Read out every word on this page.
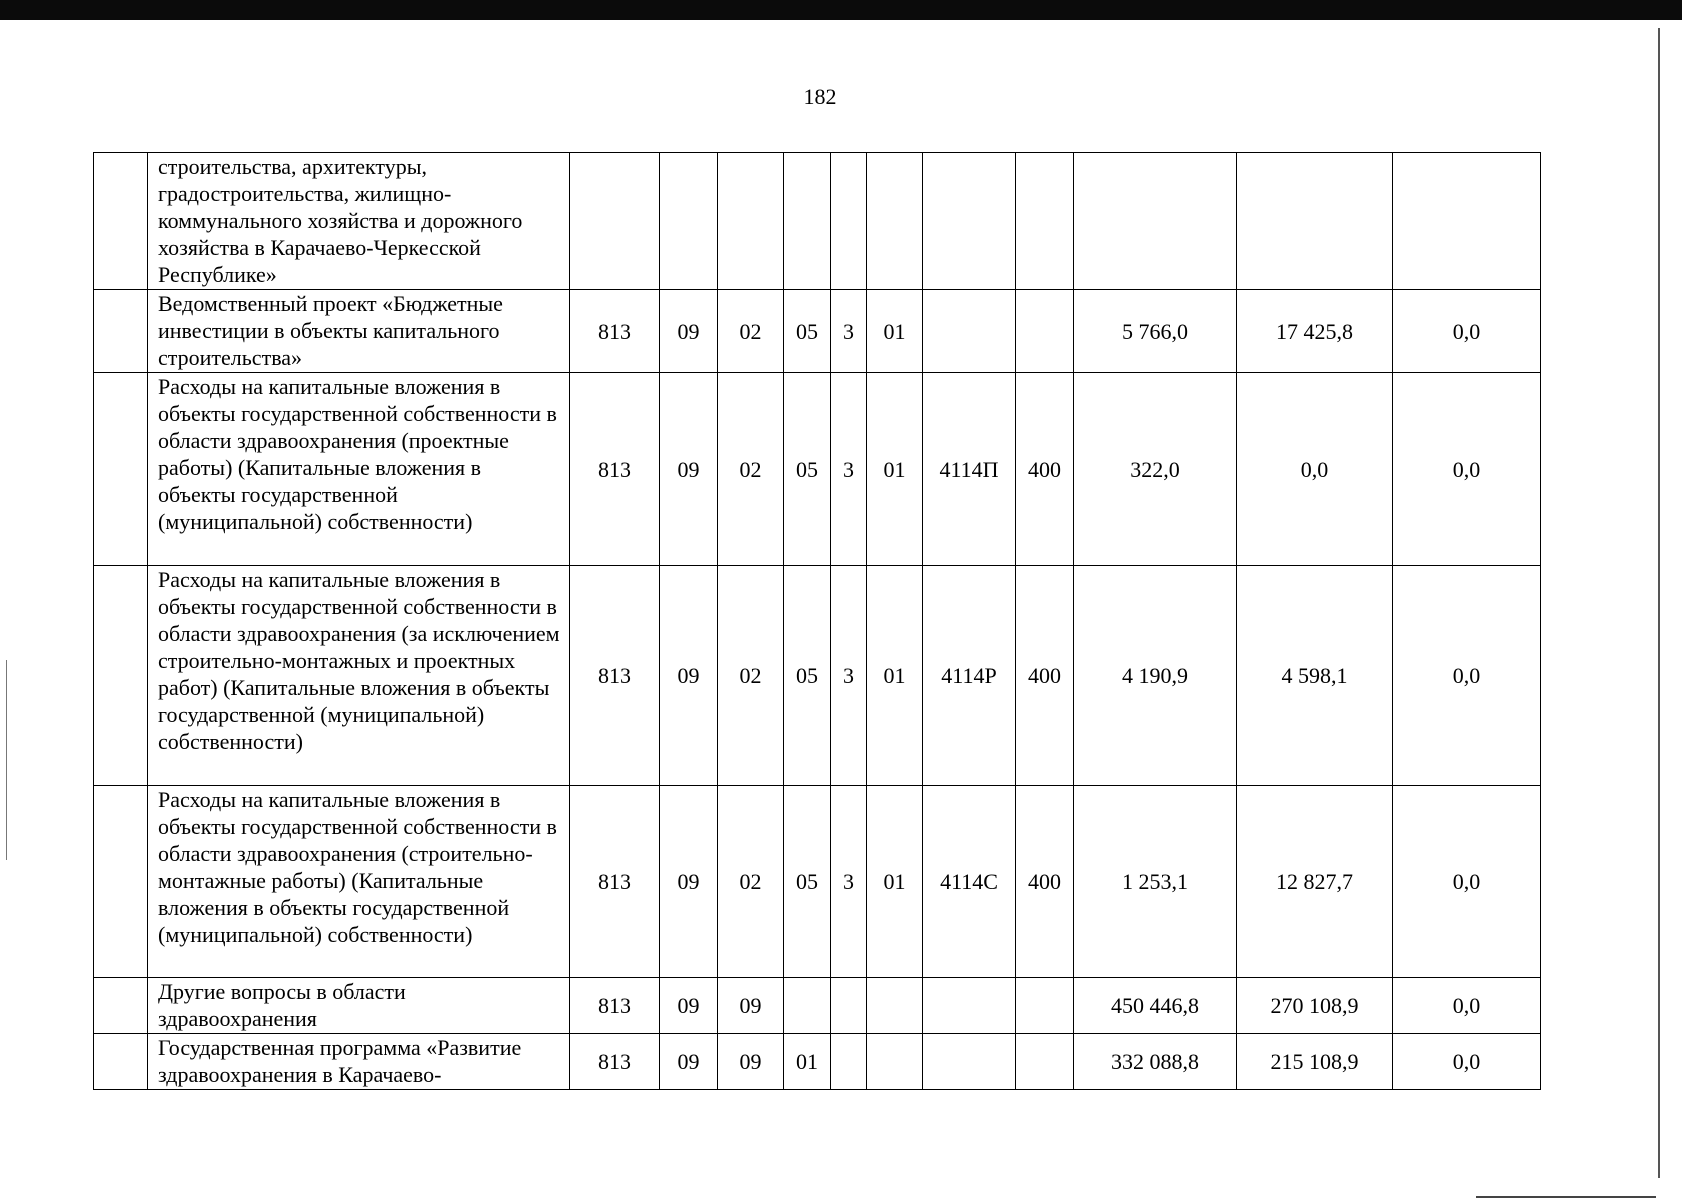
182
	строительства, архитектуры, градостроительства, жилищно-коммунального хозяйства и дорожного хозяйства в Карачаево-Черкесской Республике»											
	Ведомственный проект «Бюджетные инвестиции в объекты капитального строительства»	813	09	02	05	3	01			5 766,0	17 425,8	0,0
	Расходы на капитальные вложения в объекты государственной собственности в области здравоохранения (проектные работы) (Капитальные вложения в объекты государственной (муниципальной) собственности)	813	09	02	05	3	01	4114П	400	322,0	0,0	0,0
	Расходы на капитальные вложения в объекты государственной собственности в области здравоохранения (за исключением строительно-монтажных и проектных работ) (Капитальные вложения в объекты государственной (муниципальной) собственности)	813	09	02	05	3	01	4114Р	400	4 190,9	4 598,1	0,0
	Расходы на капитальные вложения в объекты государственной собственности в области здравоохранения (строительно-монтажные работы) (Капитальные вложения в объекты государственной (муниципальной) собственности)	813	09	02	05	3	01	4114С	400	1 253,1	12 827,7	0,0
	Другие вопросы в области здравоохранения	813	09	09						450 446,8	270 108,9	0,0
	Государственная программа «Развитие здравоохранения в Карачаево-	813	09	09	01					332 088,8	215 108,9	0,0
